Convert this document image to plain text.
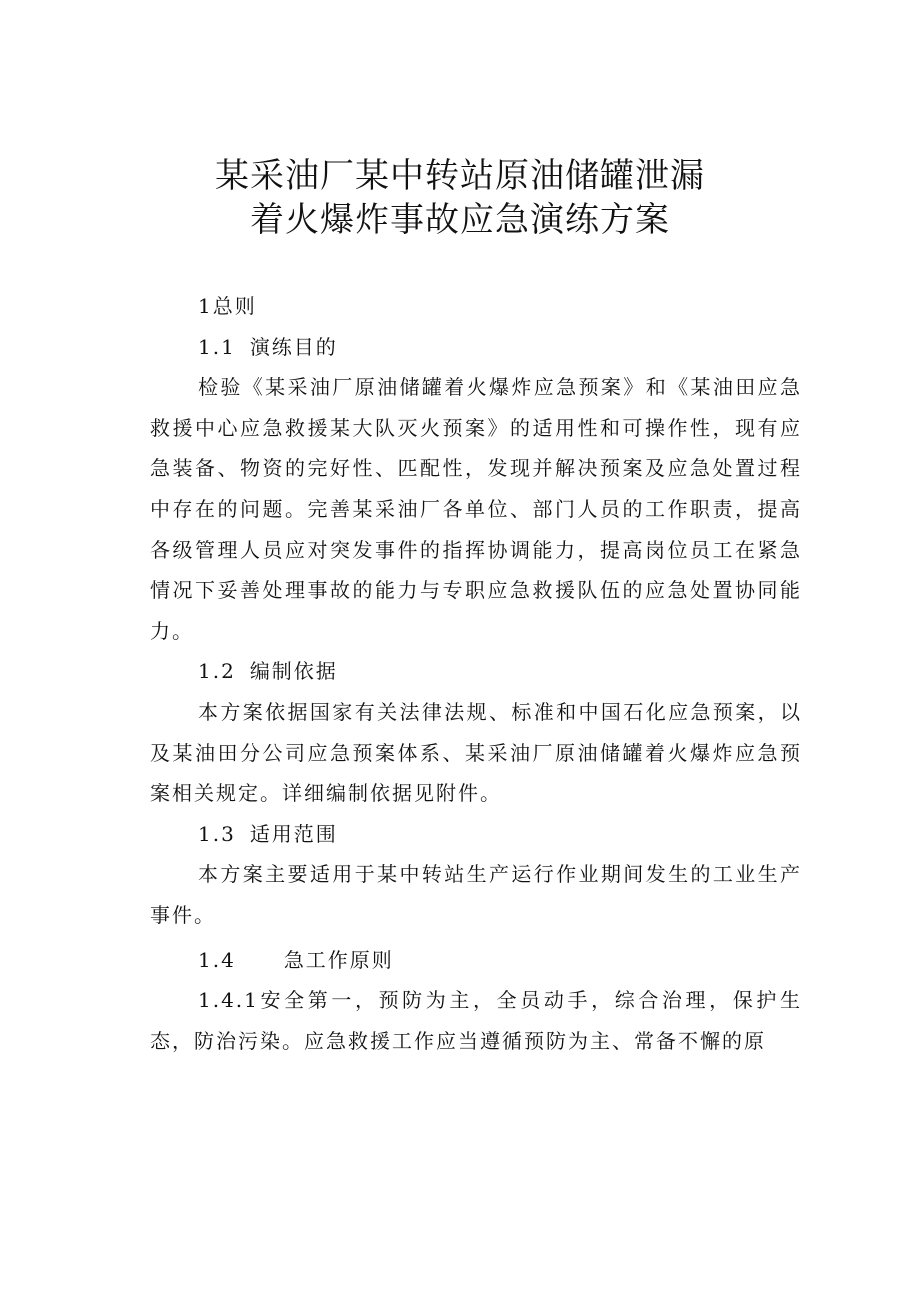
某采油厂某中转站原油储罐泄漏
着火爆炸事故应急演练方案

1总则

1.1 演练目的

检验《某采油厂原油储罐着火爆炸应急预案》和《某油田应急救援中心应急救援某大队灭火预案》的适用性和可操作性，现有应急装备、物资的完好性、匹配性，发现并解决预案及应急处置过程中存在的问题。完善某采油厂各单位、部门人员的工作职责，提高各级管理人员应对突发事件的指挥协调能力，提高岗位员工在紧急情况下妥善处理事故的能力与专职应急救援队伍的应急处置协同能力。

1.2 编制依据

本方案依据国家有关法律法规、标准和中国石化应急预案，以及某油田分公司应急预案体系、某采油厂原油储罐着火爆炸应急预案相关规定。详细编制依据见附件。

1.3 适用范围

本方案主要适用于某中转站生产运行作业期间发生的工业生产事件。

1.4 急工作原则

1.4.1安全第一，预防为主，全员动手，综合治理，保护生态，防治污染。应急救援工作应当遵循预防为主、常备不懈的原
